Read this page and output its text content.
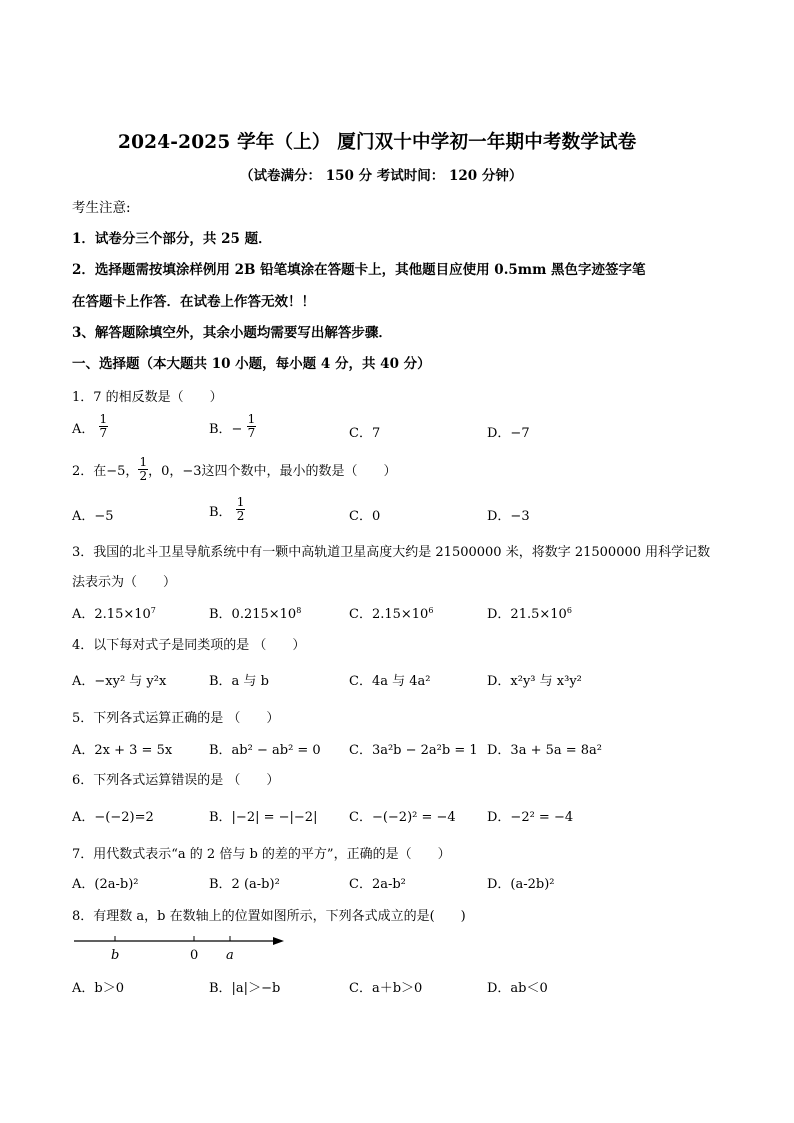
2024-2025 学年（上） 厦门双十中学初一年期中考数学试卷
（试卷满分： 150 分 考试时间： 120 分钟）
考生注意:
1．试卷分三个部分，共 25 题．
2．选择题需按填涂样例用 2B 铅笔填涂在答题卡上，其他题目应使用 0.5mm 黑色字迹签字笔
在答题卡上作答．在试卷上作答无效！！
3、解答题除填空外，其余小题均需要写出解答步骤．
一、选择题（本大题共 10 小题，每小题 4 分，共 40 分）
1．7 的相反数是（　　）
A． $\frac{1}{7}$	B．− $\frac{1}{7}$	C．7	D．−7
2．在−5， $\frac{1}{2}$ ，0，−3这四个数中，最小的数是（　　）
A．−5	B． $\frac{1}{2}$	C．0	D．−3
3．我国的北斗卫星导航系统中有一颗中高轨道卫星高度大约是 21500000 米，将数字 21500000 用科学记数
法表示为（　　）
A．$2.15\times 10^7$	B．$0.215\times 10^8$	C．$2.15\times 10^6$	D．$21.5\times 10^6$
4．以下每对式子是同类项的是 （　　）
A．−xy² 与 y²x	B．a 与 b	C．4a 与 4a²	D．x²y³ 与 x³y²
5．下列各式运算正确的是 （　　）
A．2x + 3 = 5x	B．ab² − ab² = 0 C．3a²b − 2a²b = 1 D．3a + 5a = 8a²
6．下列各式运算错误的是 （　　）
A．−(−2)=2	B．|−2| = −|−2| C．−(−2)² = −4 D．−2² = −4
7．用代数式表示“a 的 2 倍与 b 的差的平方”，正确的是（　　）
A．(2a-b)²	B．2 (a-b)²	C．2a-b²	D．(a-2b)²
8．有理数 a，b 在数轴上的位置如图所示，下列各式成立的是(　　)
b	0 a
A．b＞0	B．|a|＞−b	C．a＋b＞0	D．ab＜0
